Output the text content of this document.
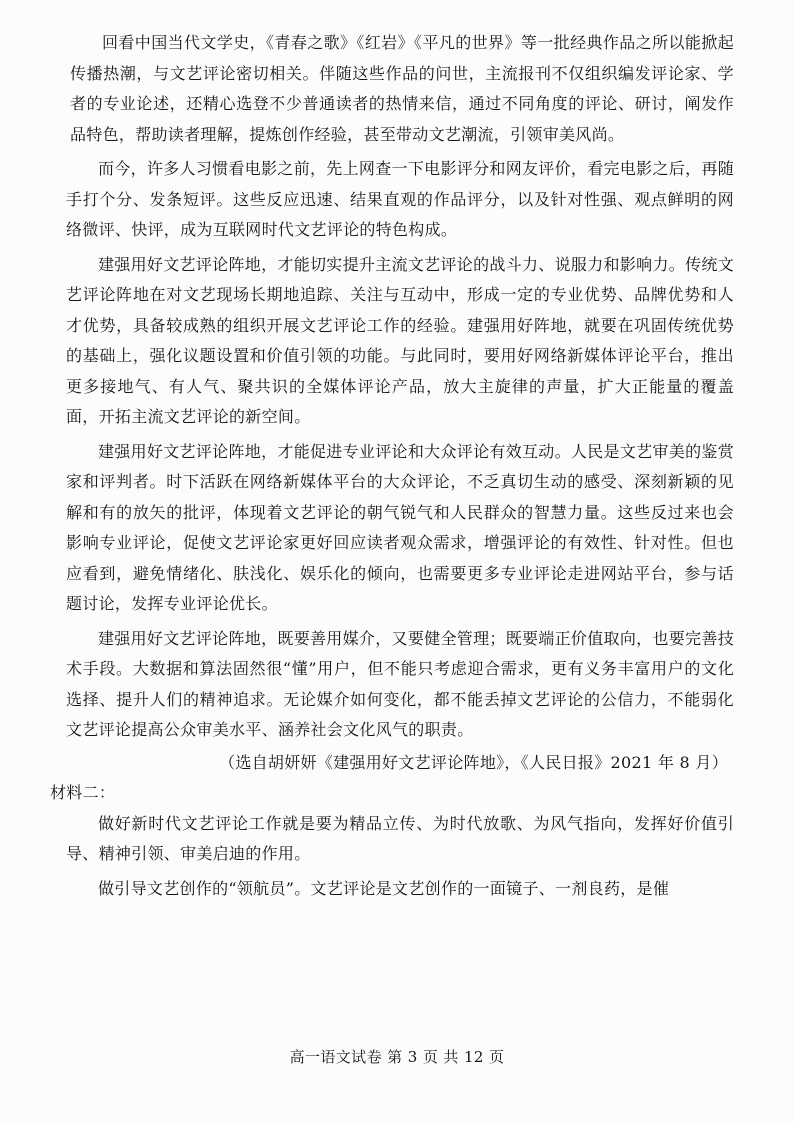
回看中国当代文学史，《青春之歌》《红岩》《平凡的世界》等一批经典作品之所以能掀起传播热潮，与文艺评论密切相关。伴随这些作品的问世，主流报刊不仅组织编发评论家、学者的专业论述，还精心选登不少普通读者的热情来信，通过不同角度的评论、研讨，阐发作品特色，帮助读者理解，提炼创作经验，甚至带动文艺潮流，引领审美风尚。

而今，许多人习惯看电影之前，先上网查一下电影评分和网友评价，看完电影之后，再随手打个分、发条短评。这些反应迅速、结果直观的作品评分，以及针对性强、观点鲜明的网络微评、快评，成为互联网时代文艺评论的特色构成。

建强用好文艺评论阵地，才能切实提升主流文艺评论的战斗力、说服力和影响力。传统文艺评论阵地在对文艺现场长期地追踪、关注与互动中，形成一定的专业优势、品牌优势和人才优势，具备较成熟的组织开展文艺评论工作的经验。建强用好阵地，就要在巩固传统优势的基础上，强化议题设置和价值引领的功能。与此同时，要用好网络新媒体评论平台，推出更多接地气、有人气、聚共识的全媒体评论产品，放大主旋律的声量，扩大正能量的覆盖面，开拓主流文艺评论的新空间。

建强用好文艺评论阵地，才能促进专业评论和大众评论有效互动。人民是文艺审美的鉴赏家和评判者。时下活跃在网络新媒体平台的大众评论，不乏真切生动的感受、深刻新颖的见解和有的放矢的批评，体现着文艺评论的朝气锐气和人民群众的智慧力量。这些反过来也会影响专业评论，促使文艺评论家更好回应读者观众需求，增强评论的有效性、针对性。但也应看到，避免情绪化、肤浅化、娱乐化的倾向，也需要更多专业评论走进网站平台，参与话题讨论，发挥专业评论优长。

建强用好文艺评论阵地，既要善用媒介，又要健全管理；既要端正价值取向，也要完善技术手段。大数据和算法固然很“懂”用户，但不能只考虑迎合需求，更有义务丰富用户的文化选择、提升人们的精神追求。无论媒介如何变化，都不能丢掉文艺评论的公信力，不能弱化文艺评论提高公众审美水平、涵养社会文化风气的职责。

（选自胡妍妍《建强用好文艺评论阵地》，《人民日报》2021 年 8 月）

材料二：

做好新时代文艺评论工作就是要为精品立传、为时代放歌、为风气指向，发挥好价值引导、精神引领、审美启迪的作用。

做引导文艺创作的“领航员”。文艺评论是文艺创作的一面镜子、一剂良药，是催

高一语文试卷 第 3 页 共 12 页
